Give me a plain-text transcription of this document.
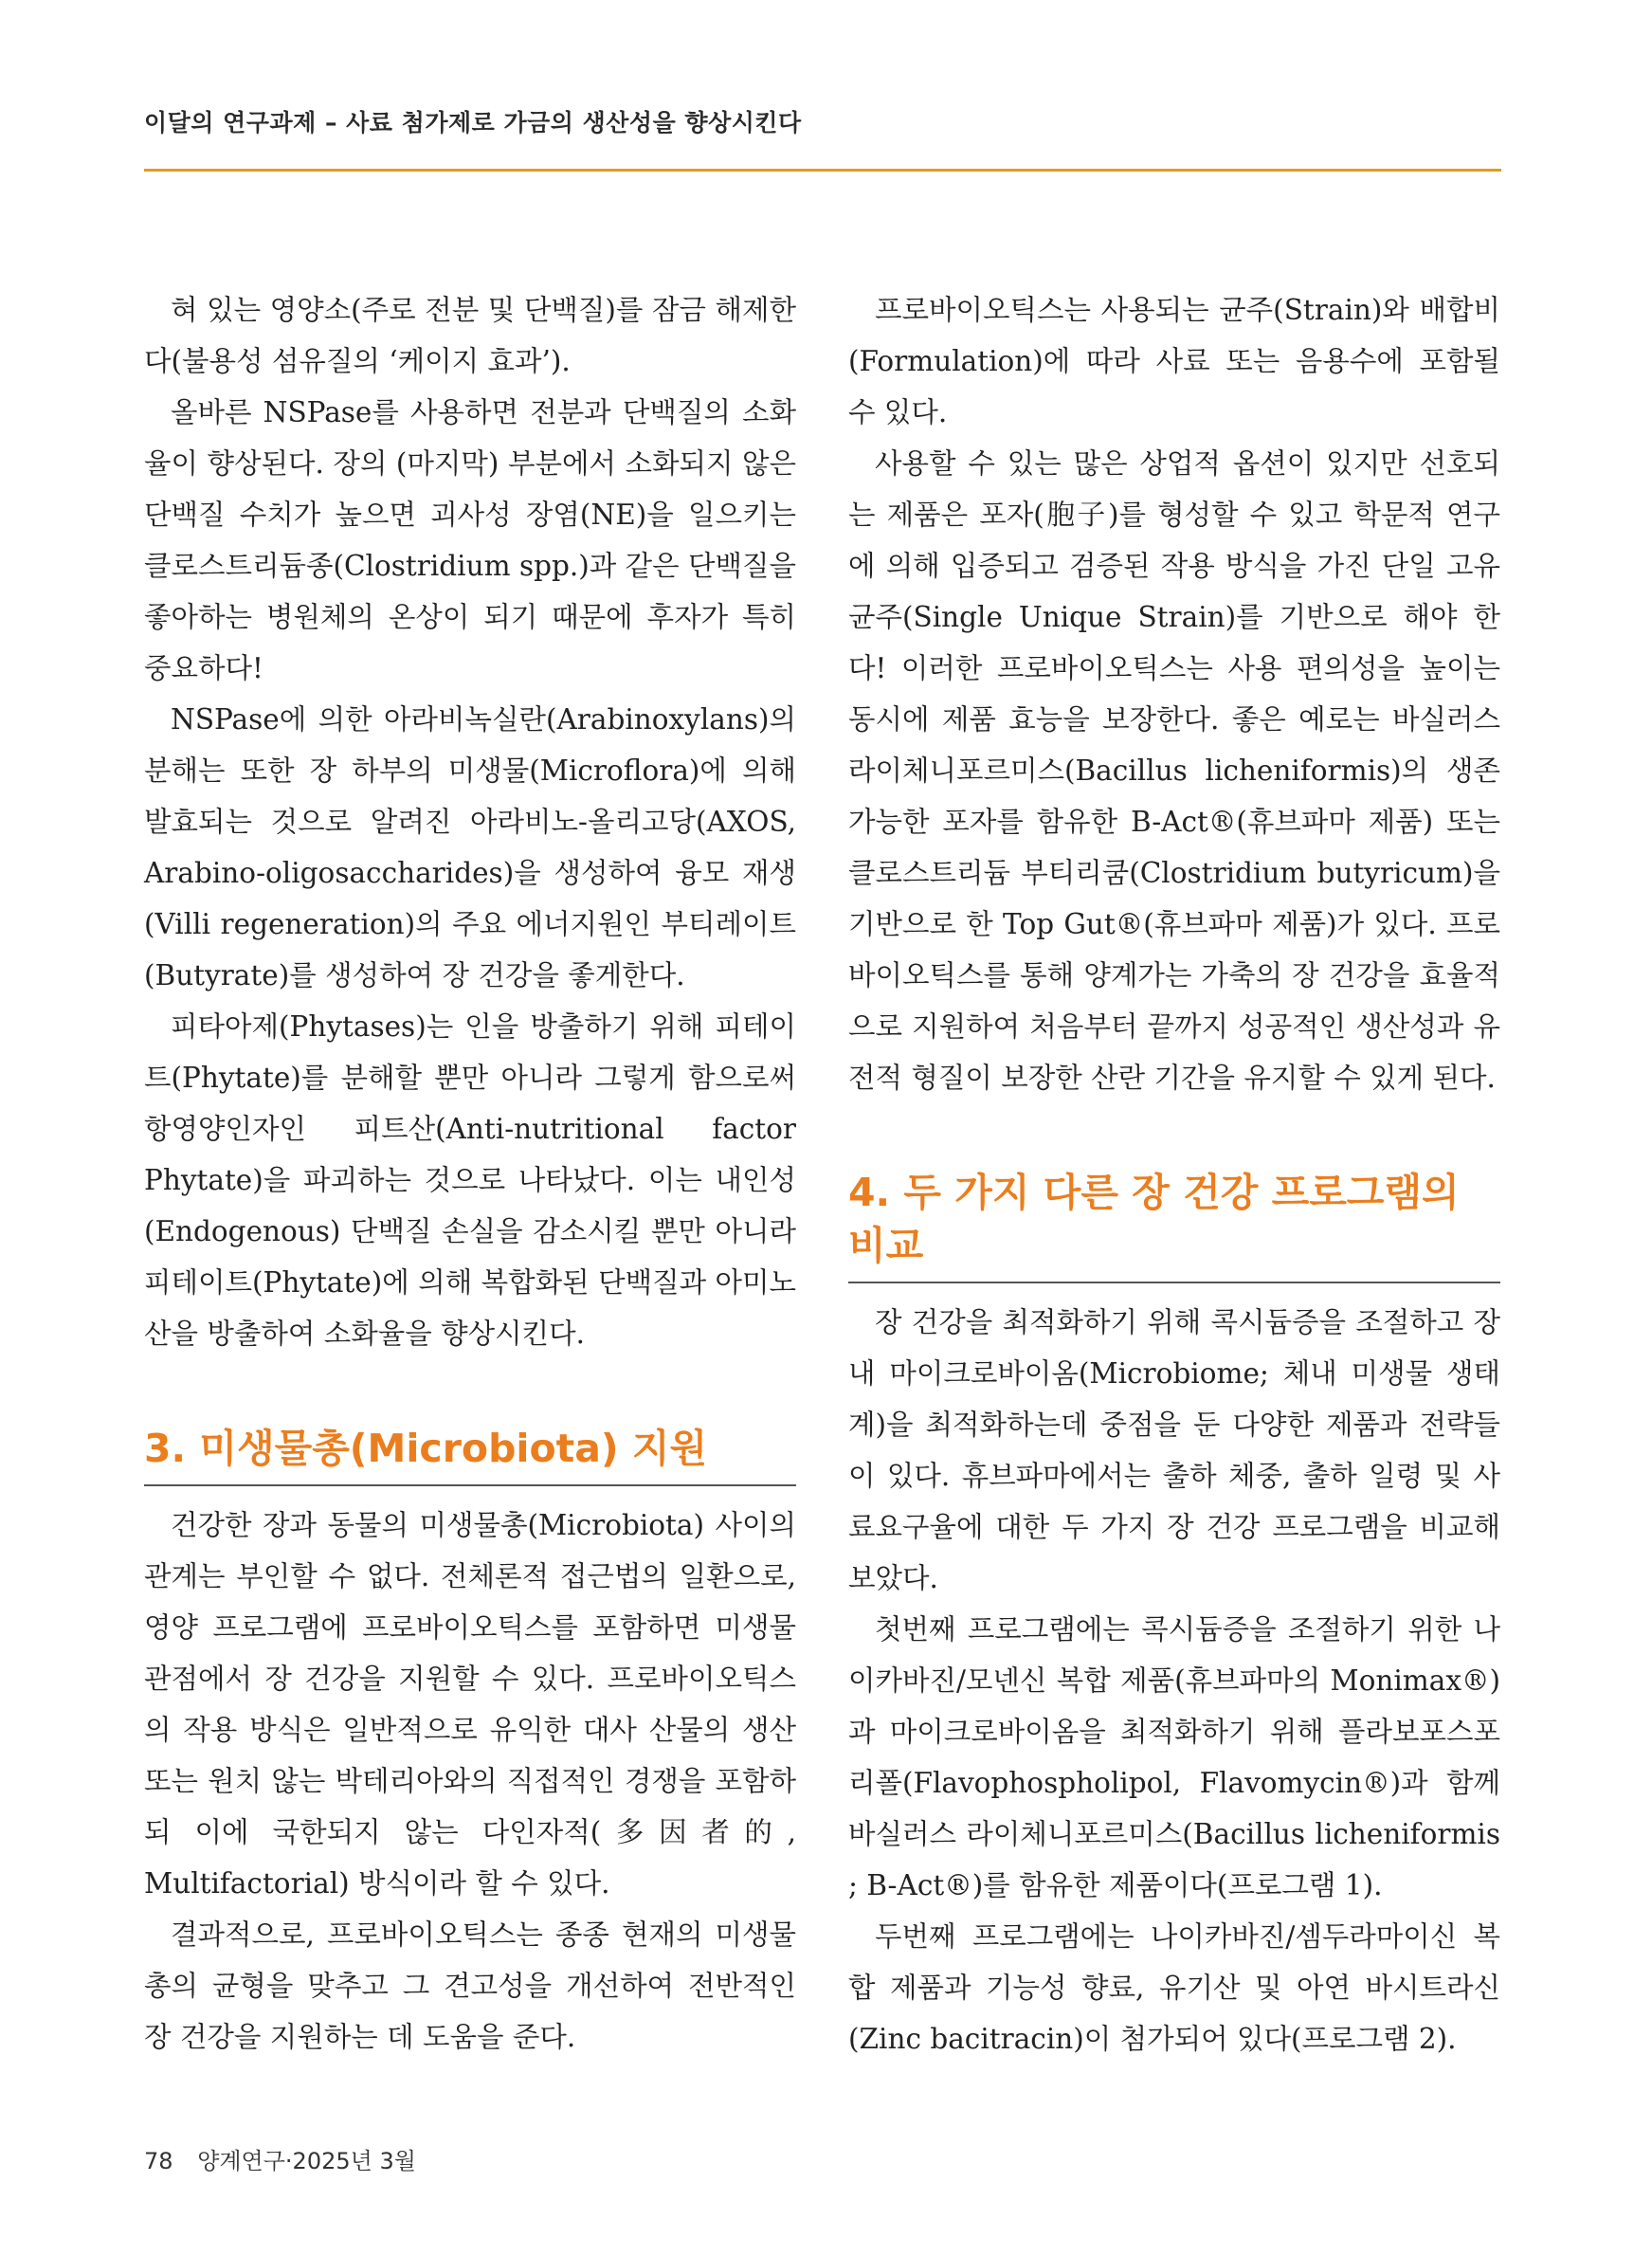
이달의 연구과제 – 사료 첨가제로 가금의 생산성을 향상시킨다

혀 있는 영양소(주로 전분 및 단백질)를 잠금 해제한다(불용성 섬유질의 ‘케이지 효과’).

올바른 NSPase를 사용하면 전분과 단백질의 소화율이 향상된다. 장의 (마지막) 부분에서 소화되지 않은 단백질 수치가 높으면 괴사성 장염(NE)을 일으키는 클로스트리듐종(Clostridium spp.)과 같은 단백질을 좋아하는 병원체의 온상이 되기 때문에 후자가 특히 중요하다!

NSPase에 의한 아라비녹실란(Arabinoxylans)의 분해는 또한 장 하부의 미생물(Microflora)에 의해 발효되는 것으로 알려진 아라비노-올리고당(AXOS, Arabino-oligosaccharides)을 생성하여 융모 재생(Villi regeneration)의 주요 에너지원인 부티레이트(Butyrate)를 생성하여 장 건강을 좋게한다.

피타아제(Phytases)는 인을 방출하기 위해 피테이트(Phytate)를 분해할 뿐만 아니라 그렇게 함으로써 항영양인자인 피트산(Anti-nutritional factor Phytate)을 파괴하는 것으로 나타났다. 이는 내인성(Endogenous) 단백질 손실을 감소시킬 뿐만 아니라 피테이트(Phytate)에 의해 복합화된 단백질과 아미노산을 방출하여 소화율을 향상시킨다.

3. 미생물총(Microbiota) 지원

건강한 장과 동물의 미생물총(Microbiota) 사이의 관계는 부인할 수 없다. 전체론적 접근법의 일환으로, 영양 프로그램에 프로바이오틱스를 포함하면 미생물 관점에서 장 건강을 지원할 수 있다. 프로바이오틱스의 작용 방식은 일반적으로 유익한 대사 산물의 생산 또는 원치 않는 박테리아와의 직접적인 경쟁을 포함하되 이에 국한되지 않는 다인자적(多因者的, Multifactorial) 방식이라 할 수 있다.

결과적으로, 프로바이오틱스는 종종 현재의 미생물총의 균형을 맞추고 그 견고성을 개선하여 전반적인 장 건강을 지원하는 데 도움을 준다.

프로바이오틱스는 사용되는 균주(Strain)와 배합비(Formulation)에 따라 사료 또는 음용수에 포함될 수 있다.

사용할 수 있는 많은 상업적 옵션이 있지만 선호되는 제품은 포자(胞子)를 형성할 수 있고 학문적 연구에 의해 입증되고 검증된 작용 방식을 가진 단일 고유 균주(Single Unique Strain)를 기반으로 해야 한다! 이러한 프로바이오틱스는 사용 편의성을 높이는 동시에 제품 효능을 보장한다. 좋은 예로는 바실러스 라이체니포르미스(Bacillus licheniformis)의 생존 가능한 포자를 함유한 B-Act®(휴브파마 제품) 또는 클로스트리듐 부티리쿰(Clostridium butyricum)을 기반으로 한 Top Gut®(휴브파마 제품)가 있다. 프로바이오틱스를 통해 양계가는 가축의 장 건강을 효율적으로 지원하여 처음부터 끝까지 성공적인 생산성과 유전적 형질이 보장한 산란 기간을 유지할 수 있게 된다.

4. 두 가지 다른 장 건강 프로그램의 비교

장 건강을 최적화하기 위해 콕시듐증을 조절하고 장내 마이크로바이옴(Microbiome; 체내 미생물 생태계)을 최적화하는데 중점을 둔 다양한 제품과 전략들이 있다. 휴브파마에서는 출하 체중, 출하 일령 및 사료요구율에 대한 두 가지 장 건강 프로그램을 비교해 보았다.

첫번째 프로그램에는 콕시듐증을 조절하기 위한 나이카바진/모넨신 복합 제품(휴브파마의 Monimax®)과 마이크로바이옴을 최적화하기 위해 플라보포스포리폴(Flavophospholipol, Flavomycin®)과 함께 바실러스 라이체니포르미스(Bacillus licheniformis ; B-Act®)를 함유한 제품이다(프로그램 1).

두번째 프로그램에는 나이카바진/셈두라마이신 복합 제품과 기능성 향료, 유기산 및 아연 바시트라신(Zinc bacitracin)이 첨가되어 있다(프로그램 2).

78 양계연구·2025년 3월
